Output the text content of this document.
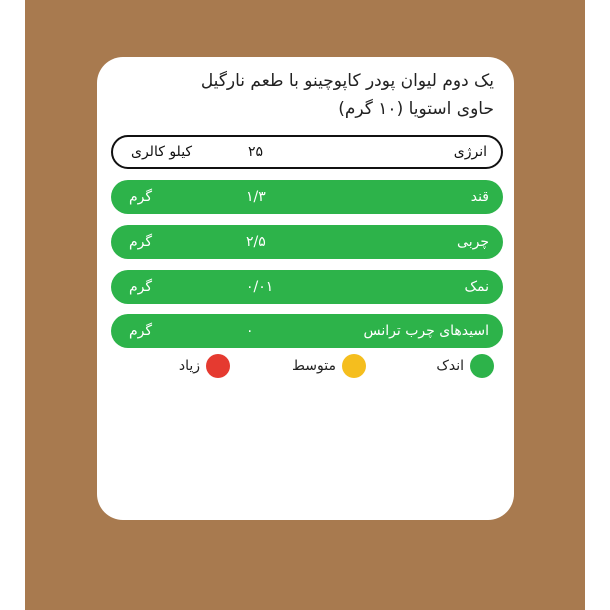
یک دوم لیوان پودر کاپوچینو با طعم نارگیل
حاوی استویا (۱۰ گرم)
انرژی
۲۵
کیلو کالری
قند
۱/۳
گرم
چربی
۲/۵
گرم
نمک
۰/۰۱
گرم
اسیدهای چرب ترانس
۰
گرم
اندک
متوسط
زیاد
